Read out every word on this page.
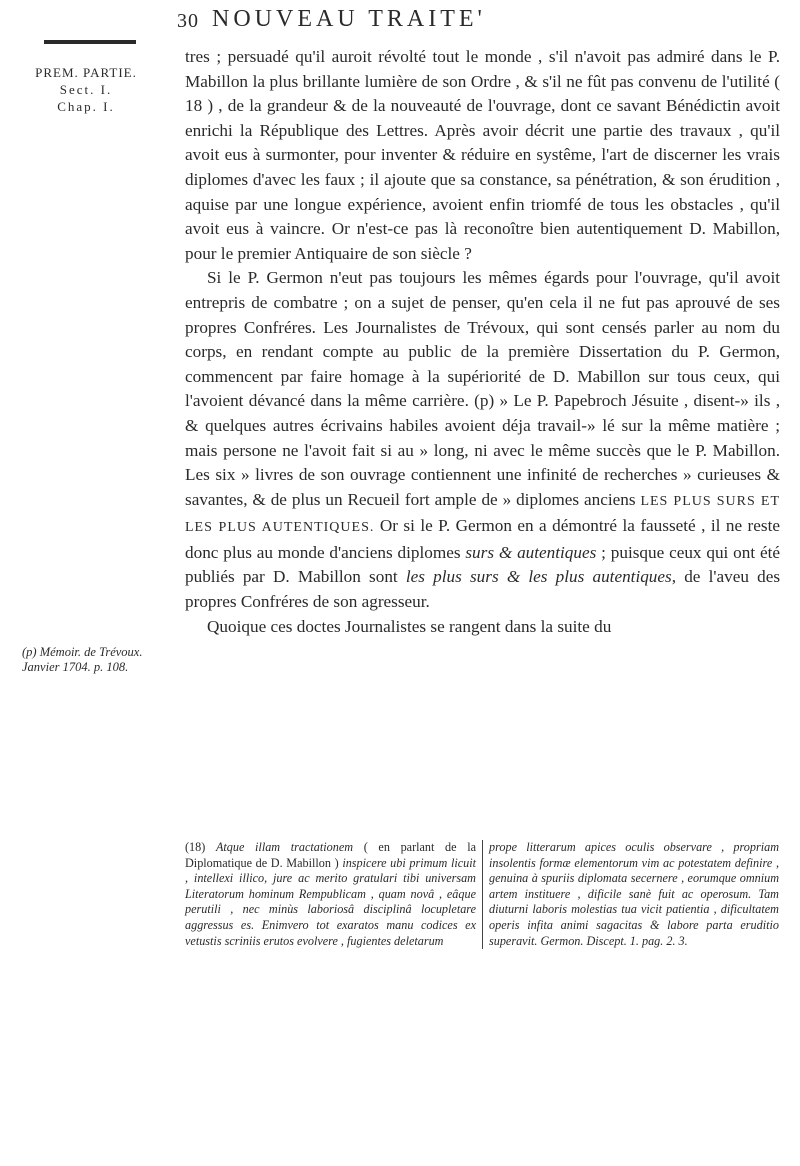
30 NOUVEAU TRAITE'
PREM. PARTIE.
Sect. I.
Chap. I.
(p) Mémoir. de Trévoux. Janvier 1704. p. 108.

tres ; persuadé qu'il auroit révolté tout le monde , s'il n'avoit pas admiré dans le P. Mabillon la plus brillante lumière de son Ordre , & s'il ne fût pas convenu de l'utilité ( 18 ) , de la grandeur & de la nouveauté de l'ouvrage, dont ce savant Bénédictin avoit enrichi la République des Lettres. Après avoir décrit une partie des travaux , qu'il avoit eus à surmonter, pour inventer & réduire en systême, l'art de discerner les vrais diplomes d'avec les faux ; il ajoute que sa constance, sa pénétration, & son érudition , aquise par une longue expérience, avoient enfin triomfé de tous les obstacles , qu'il avoit eus à vaincre. Or n'est-ce pas là reconoître bien autentiquement D. Mabillon, pour le premier Antiquaire de son siècle ?

Si le P. Germon n'eut pas toujours les mêmes égards pour l'ouvrage, qu'il avoit entrepris de combatre ; on a sujet de penser, qu'en cela il ne fut pas aprouvé de ses propres Confréres. Les Journalistes de Trévoux, qui sont censés parler au nom du corps, en rendant compte au public de la première Dissertation du P. Germon, commencent par faire homage à la supériorité de D. Mabillon sur tous ceux, qui l'avoient dévancé dans la même carrière. (p) » Le P. Papebroch Jésuite , disent-» ils , & quelques autres écrivains habiles avoient déja travail-» lé sur la même matière ; mais persone ne l'avoit fait si au » long, ni avec le même succès que le P. Mabillon. Les six » livres de son ouvrage contiennent une infinité de recherches » curieuses & savantes, & de plus un Recueil fort ample de » diplomes anciens LES PLUS SURS ET LES PLUS AUTENTIQUES. Or si le P. Germon en a démontré la fausseté , il ne reste donc plus au monde d'anciens diplomes surs & autentiques ; puisque ceux qui ont été publiés par D. Mabillon sont les plus surs & les plus autentiques, de l'aveu des propres Confréres de son agresseur.

Quoique ces doctes Journalistes se rangent dans la suite du

(18) Atque illam tractationem ( en parlant de la Diplomatique de D. Mabillon ) inspicere ubi primum licuit , intellexi illico, jure ac merito gratulari tibi universam Literatorum hominum Rempublicam , quam novâ , eâque perutili , nec minùs laboriosâ disciplinâ locupletare aggressus es. Enimvero tot exaratos manu codices ex vetustis scriniis erutos evolvere , fugientes deletarum
prope litterarum apices oculis observare , propriam insolentis formæ elementorum vim ac potestatem definire , genuina à spuriis diplomata secernere , eorumque omnium artem instituere , dificile sanè fuit ac operosum. Tam diuturni laboris molestias tua vicit patientia , dificultatem operis infita animi sagacitas & labore parta eruditio superavit. Germon. Discept. 1. pag. 2. 3.
